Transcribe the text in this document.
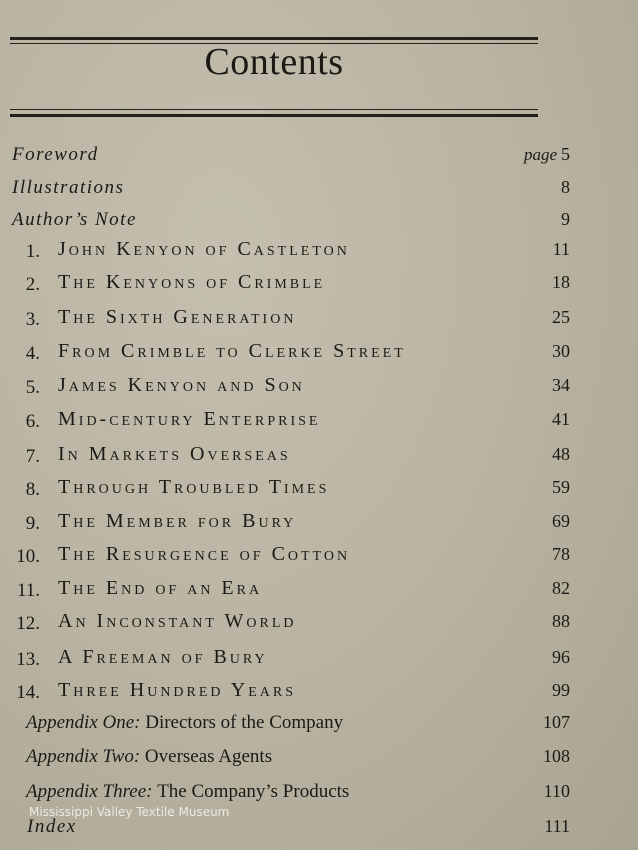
Contents
Foreword	page 5
Illustrations	8
Author’s Note	9
1. John Kenyon of Castleton	11
2. The Kenyons of Crimble	18
3. The Sixth Generation	25
4. From Crimble to Clerke Street	30
5. James Kenyon and Son	34
6. Mid-century Enterprise	41
7. In Markets Overseas	48
8. Through Troubled Times	59
9. The Member for Bury	69
10. The Resurgence of Cotton	78
11. The End of an Era	82
12. An Inconstant World	88
13. A Freeman of Bury	96
14. Three Hundred Years	99
Appendix One: Directors of the Company	107
Appendix Two: Overseas Agents	108
Appendix Three: The Company’s Products	110
Index	111
Mississippi Valley Textile Museum
